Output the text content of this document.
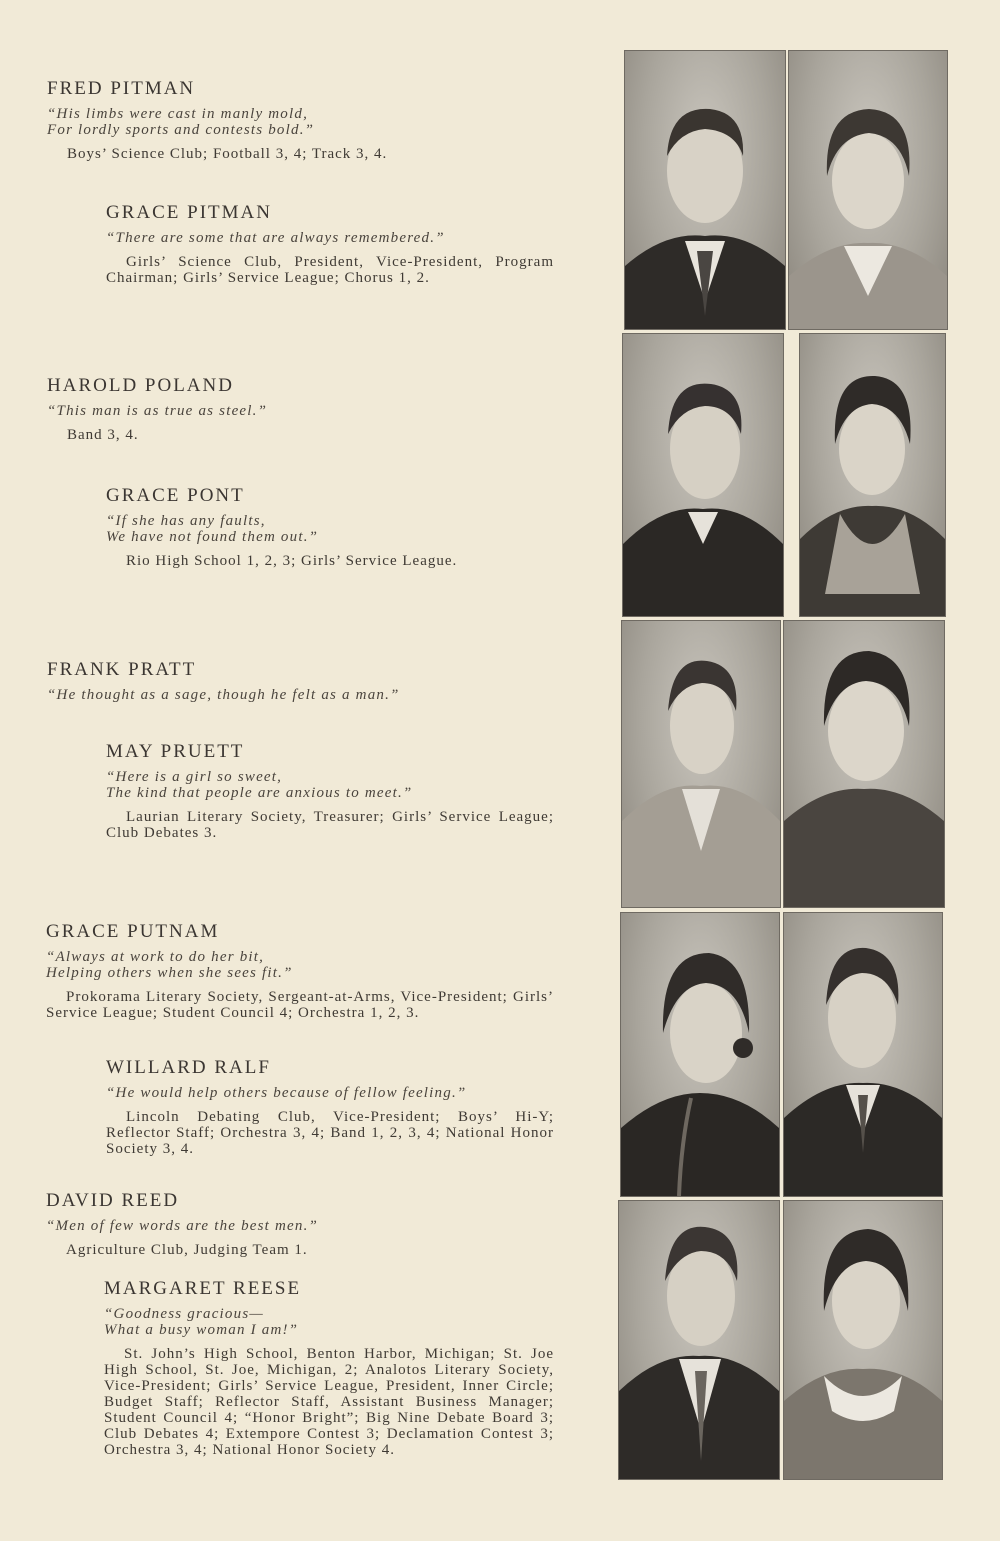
FRED PITMAN
“His limbs were cast in manly mold,
For lordly sports and contests bold.”
Boys’ Science Club; Football 3, 4; Track 3, 4.
GRACE PITMAN
“There are some that are always remembered.”
Girls’ Science Club, President, Vice-President, Program Chairman; Girls’ Service League; Chorus 1, 2.
HAROLD POLAND
“This man is as true as steel.”
Band 3, 4.
GRACE PONT
“If she has any faults,
We have not found them out.”
Rio High School 1, 2, 3; Girls’ Service League.
FRANK PRATT
“He thought as a sage, though he felt as a man.”
MAY PRUETT
“Here is a girl so sweet,
The kind that people are anxious to meet.”
Laurian Literary Society, Treasurer; Girls’ Service League; Club Debates 3.
GRACE PUTNAM
“Always at work to do her bit,
Helping others when she sees fit.”
Prokorama Literary Society, Sergeant-at-Arms, Vice-President; Girls’ Service League; Student Council 4; Orchestra 1, 2, 3.
WILLARD RALF
“He would help others because of fellow feeling.”
Lincoln Debating Club, Vice-President; Boys’ Hi-Y; Reflector Staff; Orchestra 3, 4; Band 1, 2, 3, 4; National Honor Society 3, 4.
DAVID REED
“Men of few words are the best men.”
Agriculture Club, Judging Team 1.
MARGARET REESE
“Goodness gracious—
What a busy woman I am!”
St. John’s High School, Benton Harbor, Michigan; St. Joe High School, St. Joe, Michigan, 2; Analotos Literary Society, Vice-President; Girls’ Service League, President, Inner Circle; Budget Staff; Reflector Staff, Assistant Business Manager; Student Council 4; “Honor Bright”; Big Nine Debate Board 3; Club Debates 4; Extempore Contest 3; Declamation Contest 3; Orchestra 3, 4; National Honor Society 4.
